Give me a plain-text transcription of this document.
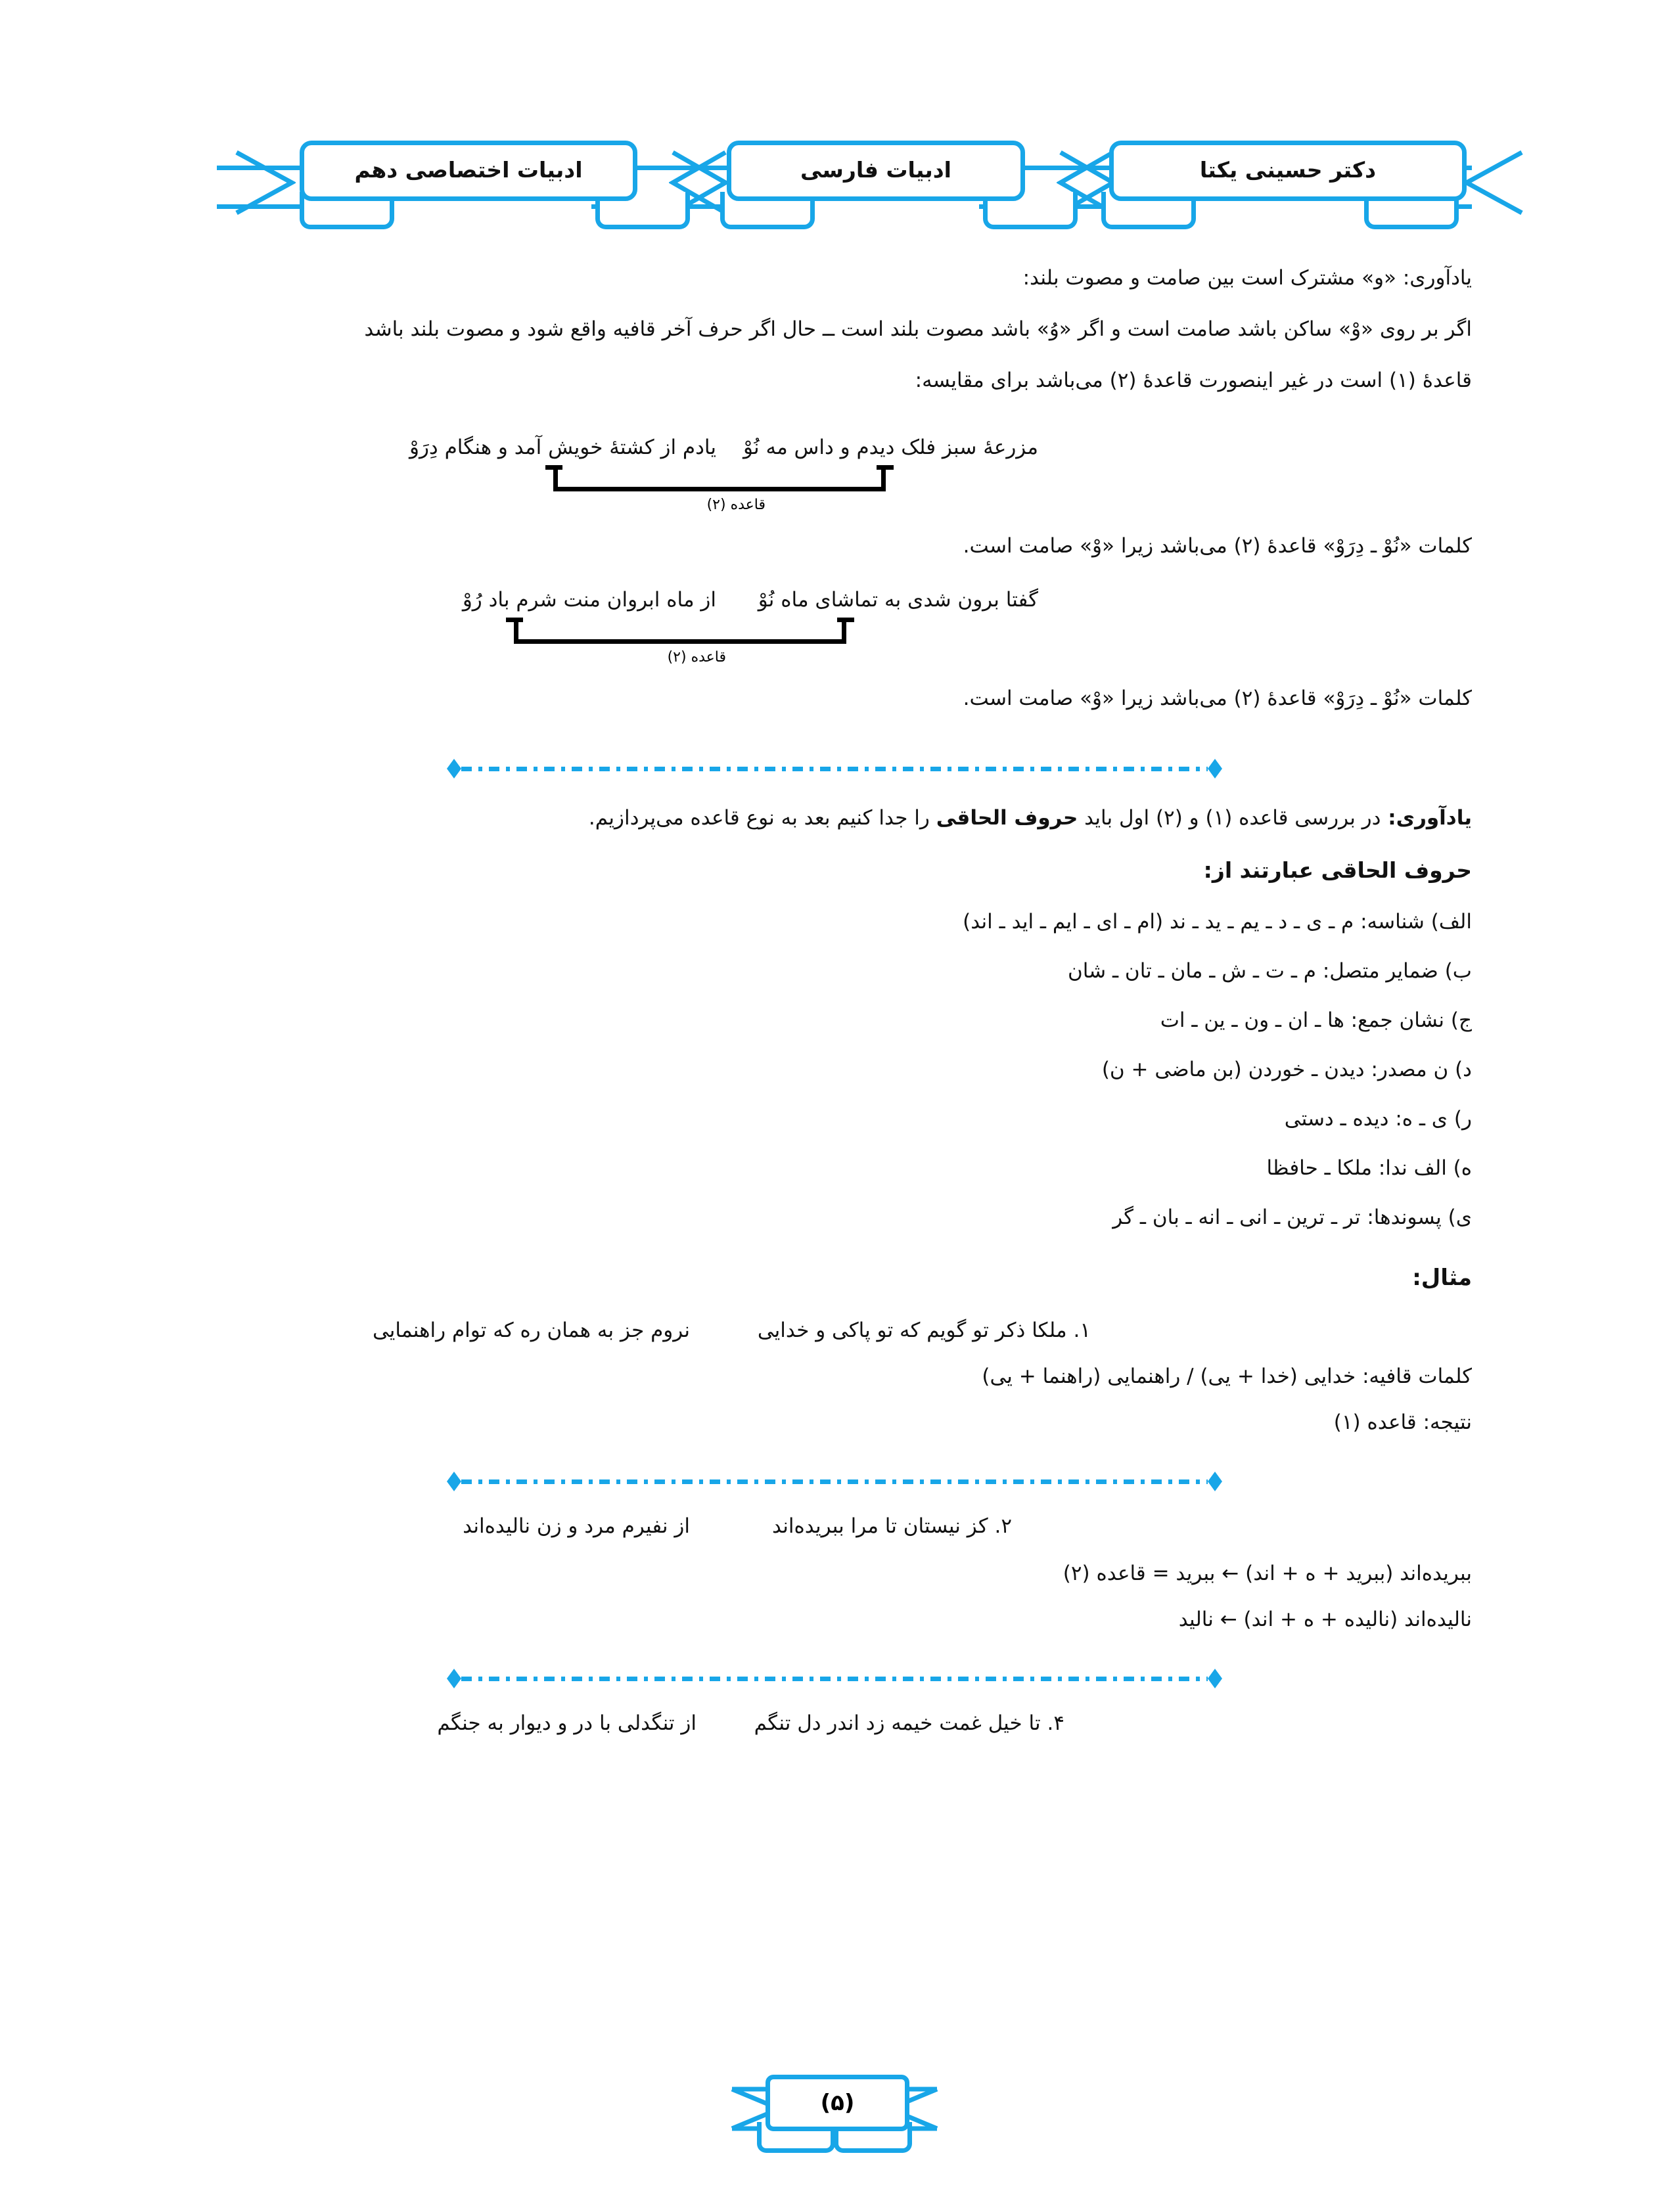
دکتر حسینی یکتا
ادبیات فارسی
ادبیات اختصاصی دهم
یادآوری: «و» مشترک است بین صامت و مصوت بلند:
اگر بر روی «وْ» ساکن باشد صامت است و اگر «وُ» باشد مصوت بلند است ــ حال اگر حرف آخر قافیه واقع شود و مصوت بلند باشد
قاعدهٔ (۱) است در غیر اینصورت قاعدهٔ (۲) می‌باشد برای مقایسه:
مزرعهٔ سبز فلک دیدم و داس مه نُوْ
یادم از کشتهٔ خویش آمد و هنگام دِرَوْ
قاعده (۲)
کلمات «نُوْ ـ دِرَوْ» قاعدهٔ (۲) می‌باشد زیرا «وْ» صامت است.
گفتا برون شدی به تماشای ماه نُوْ
از ماه ابروان منت شرم باد رُوْ
قاعده (۲)
کلمات «نُوْ ـ دِرَوْ» قاعدهٔ (۲) می‌باشد زیرا «وْ» صامت است.
یادآوری: در بررسی قاعده (۱) و (۲) اول باید حروف الحاقی را جدا کنیم بعد به نوع قاعده می‌پردازیم.
حروف الحاقی عبارتند از:
الف) شناسه: م ـ ی ـ د ـ یم ـ ید ـ ند (ام ـ ای ـ ایم ـ اید ـ اند)
ب) ضمایر متصل: م ـ ت ـ ش ـ مان ـ تان ـ شان
ج) نشان جمع: ها ـ ان ـ ون ـ ین ـ ات
د) ن مصدر: دیدن ـ خوردن (بن ماضی + ن)
ر) ی ـ ه: دیده ـ دستی
ه) الف ندا: ملکا ـ حافظا
ی) پسوندها: تر ـ ترین ـ انی ـ انه ـ بان ـ گر
مثال:
۱. ملکا ذکر تو گویم که تو پاکی و خدایی
نروم جز به همان ره که توام راهنمایی
کلمات قافیه: خدایی (خدا + یی) / راهنمایی (راهنما + یی)
نتیجه: قاعده (۱)
۲. کز نیستان تا مرا ببریده‌اند
از نفیرم مرد و زن نالیده‌اند
ببریده‌اند (ببرید + ه + اند) ← ببرید = قاعده (۲)
نالیده‌اند (نالیده + ه + اند) ← نالید
۴. تا خیل غمت خیمه زد اندر دل تنگم
از تنگدلی با در و دیوار به جنگم
(۵)
